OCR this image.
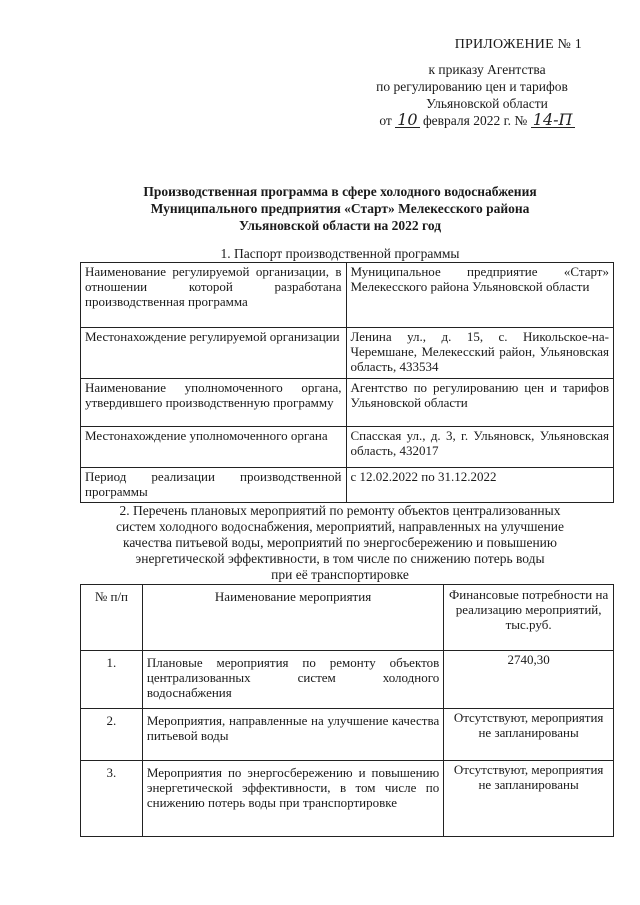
ПРИЛОЖЕНИЕ № 1
к приказу Агентства
по регулированию цен и тарифов
Ульяновской области
от 10 февраля 2022 г. № 14-П
Производственная программа в сфере холодного водоснабжения
Муниципального предприятия «Старт» Мелекесского района
Ульяновской области на 2022 год
1. Паспорт производственной программы
Наименование регулируемой организации, в отношении которой разработана производственная программа	Муниципальное предприятие «Старт» Мелекесского района Ульяновской области
Местонахождение регулируемой организации	Ленина ул., д. 15, с. Никольское-на-Черемшане, Мелекесский район, Ульяновская область, 433534
Наименование уполномоченного органа, утвердившего производственную программу	Агентство по регулированию цен и тарифов Ульяновской области
Местонахождение уполномоченного органа	Спасская ул., д. 3, г. Ульяновск, Ульяновская область, 432017
Период реализации производственной программы	с 12.02.2022 по 31.12.2022
2. Перечень плановых мероприятий по ремонту объектов централизованных
систем холодного водоснабжения, мероприятий, направленных на улучшение
качества питьевой воды, мероприятий по энергосбережению и повышению
энергетической эффективности, в том числе по снижению потерь воды
при её транспортировке
№ п/п	Наименование мероприятия	Финансовые потребности на реализацию мероприятий, тыс.руб.
1.	Плановые мероприятия по ремонту объектов централизованных систем холодного водоснабжения	2740,30
2.	Мероприятия, направленные на улучшение качества питьевой воды	Отсутствуют, мероприятия не запланированы
3.	Мероприятия по энергосбережению и повышению энергетической эффективности, в том числе по снижению потерь воды при транспортировке	Отсутствуют, мероприятия не запланированы
